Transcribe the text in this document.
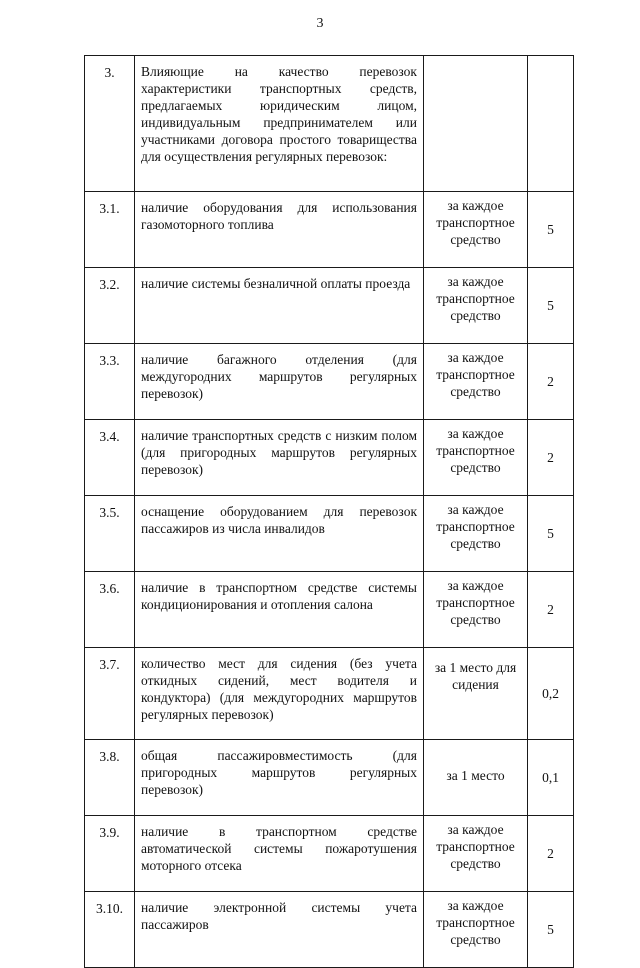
3
3.	Влияющие на качество перевозок характеристики транспортных средств, предлагаемых юридическим лицом, индивидуальным предпринимателем или участниками договора простого товарищества для осуществления регулярных перевозок:		
3.1.	наличие оборудования для использования газомоторного топлива	за каждое транспортное средство	5
3.2.	наличие системы безналичной оплаты проезда	за каждое транспортное средство	5
3.3.	наличие багажного отделения (для междугородних маршрутов регулярных перевозок)	за каждое транспортное средство	2
3.4.	наличие транспортных средств с низким полом (для пригородных маршрутов регулярных перевозок)	за каждое транспортное средство	2
3.5.	оснащение оборудованием для перевозок пассажиров из числа инвалидов	за каждое транспортное средство	5
3.6.	наличие в транспортном средстве системы кондиционирования и отопления салона	за каждое транспортное средство	2
3.7.	количество мест для сидения (без учета откидных сидений, мест водителя и кондуктора) (для междугородних маршрутов регулярных перевозок)	за 1 место для сидения	0,2
3.8.	общая пассажировместимость (для пригородных маршрутов регулярных перевозок)	за 1 место	0,1
3.9.	наличие в транспортном средстве автоматической системы пожаротушения моторного отсека	за каждое транспортное средство	2
3.10.	наличие электронной системы учета пассажиров	за каждое транспортное средство	5
